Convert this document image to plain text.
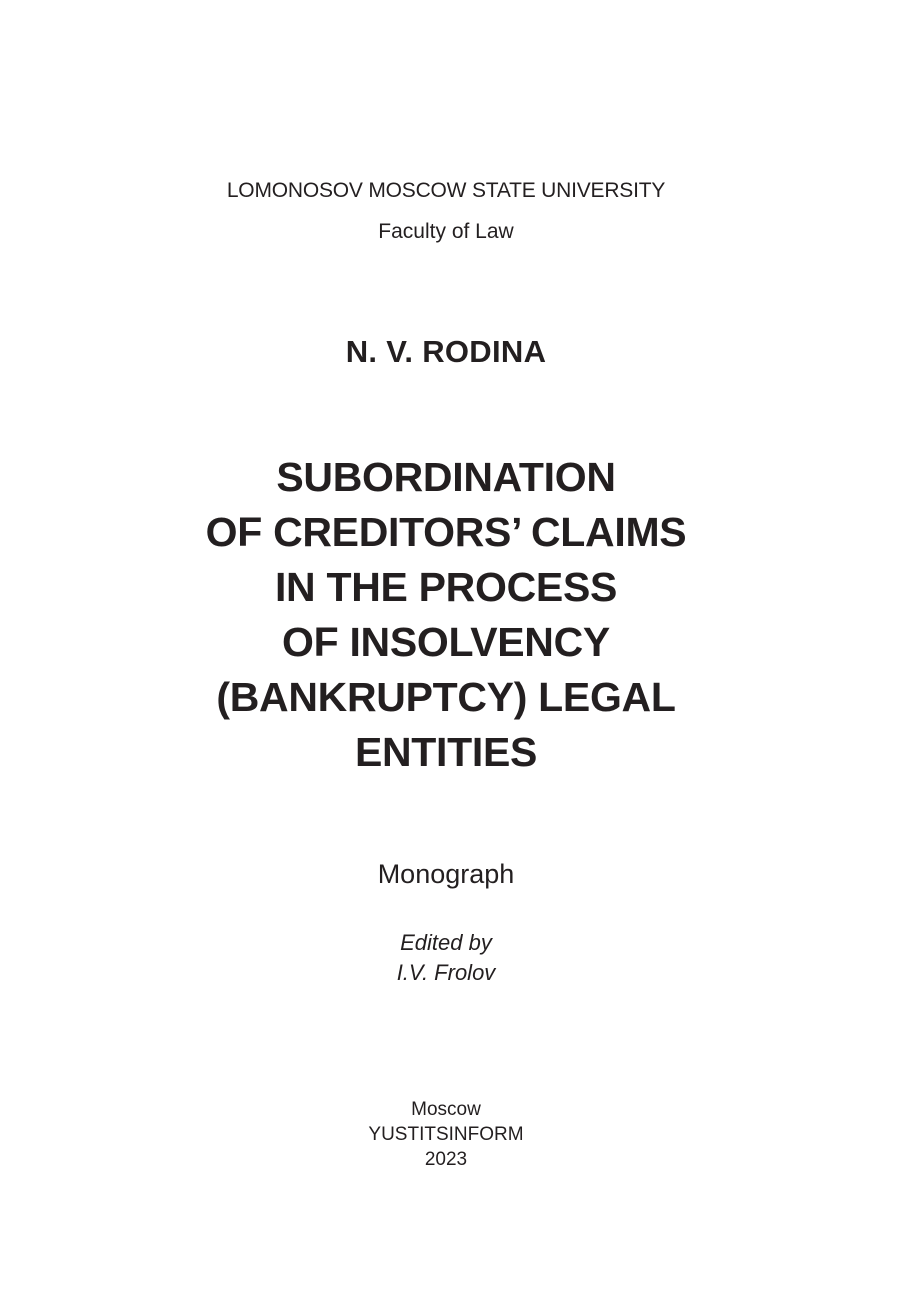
LOMONOSOV MOSCOW STATE UNIVERSITY
Faculty of Law
N. V. RODINA
SUBORDINATION
OF CREDITORS’ CLAIMS
IN THE PROCESS
OF INSOLVENCY
(BANKRUPTCY) LEGAL
ENTITIES
Monograph
Edited by
I.V. Frolov
Moscow
YUSTITSINFORM
2023
